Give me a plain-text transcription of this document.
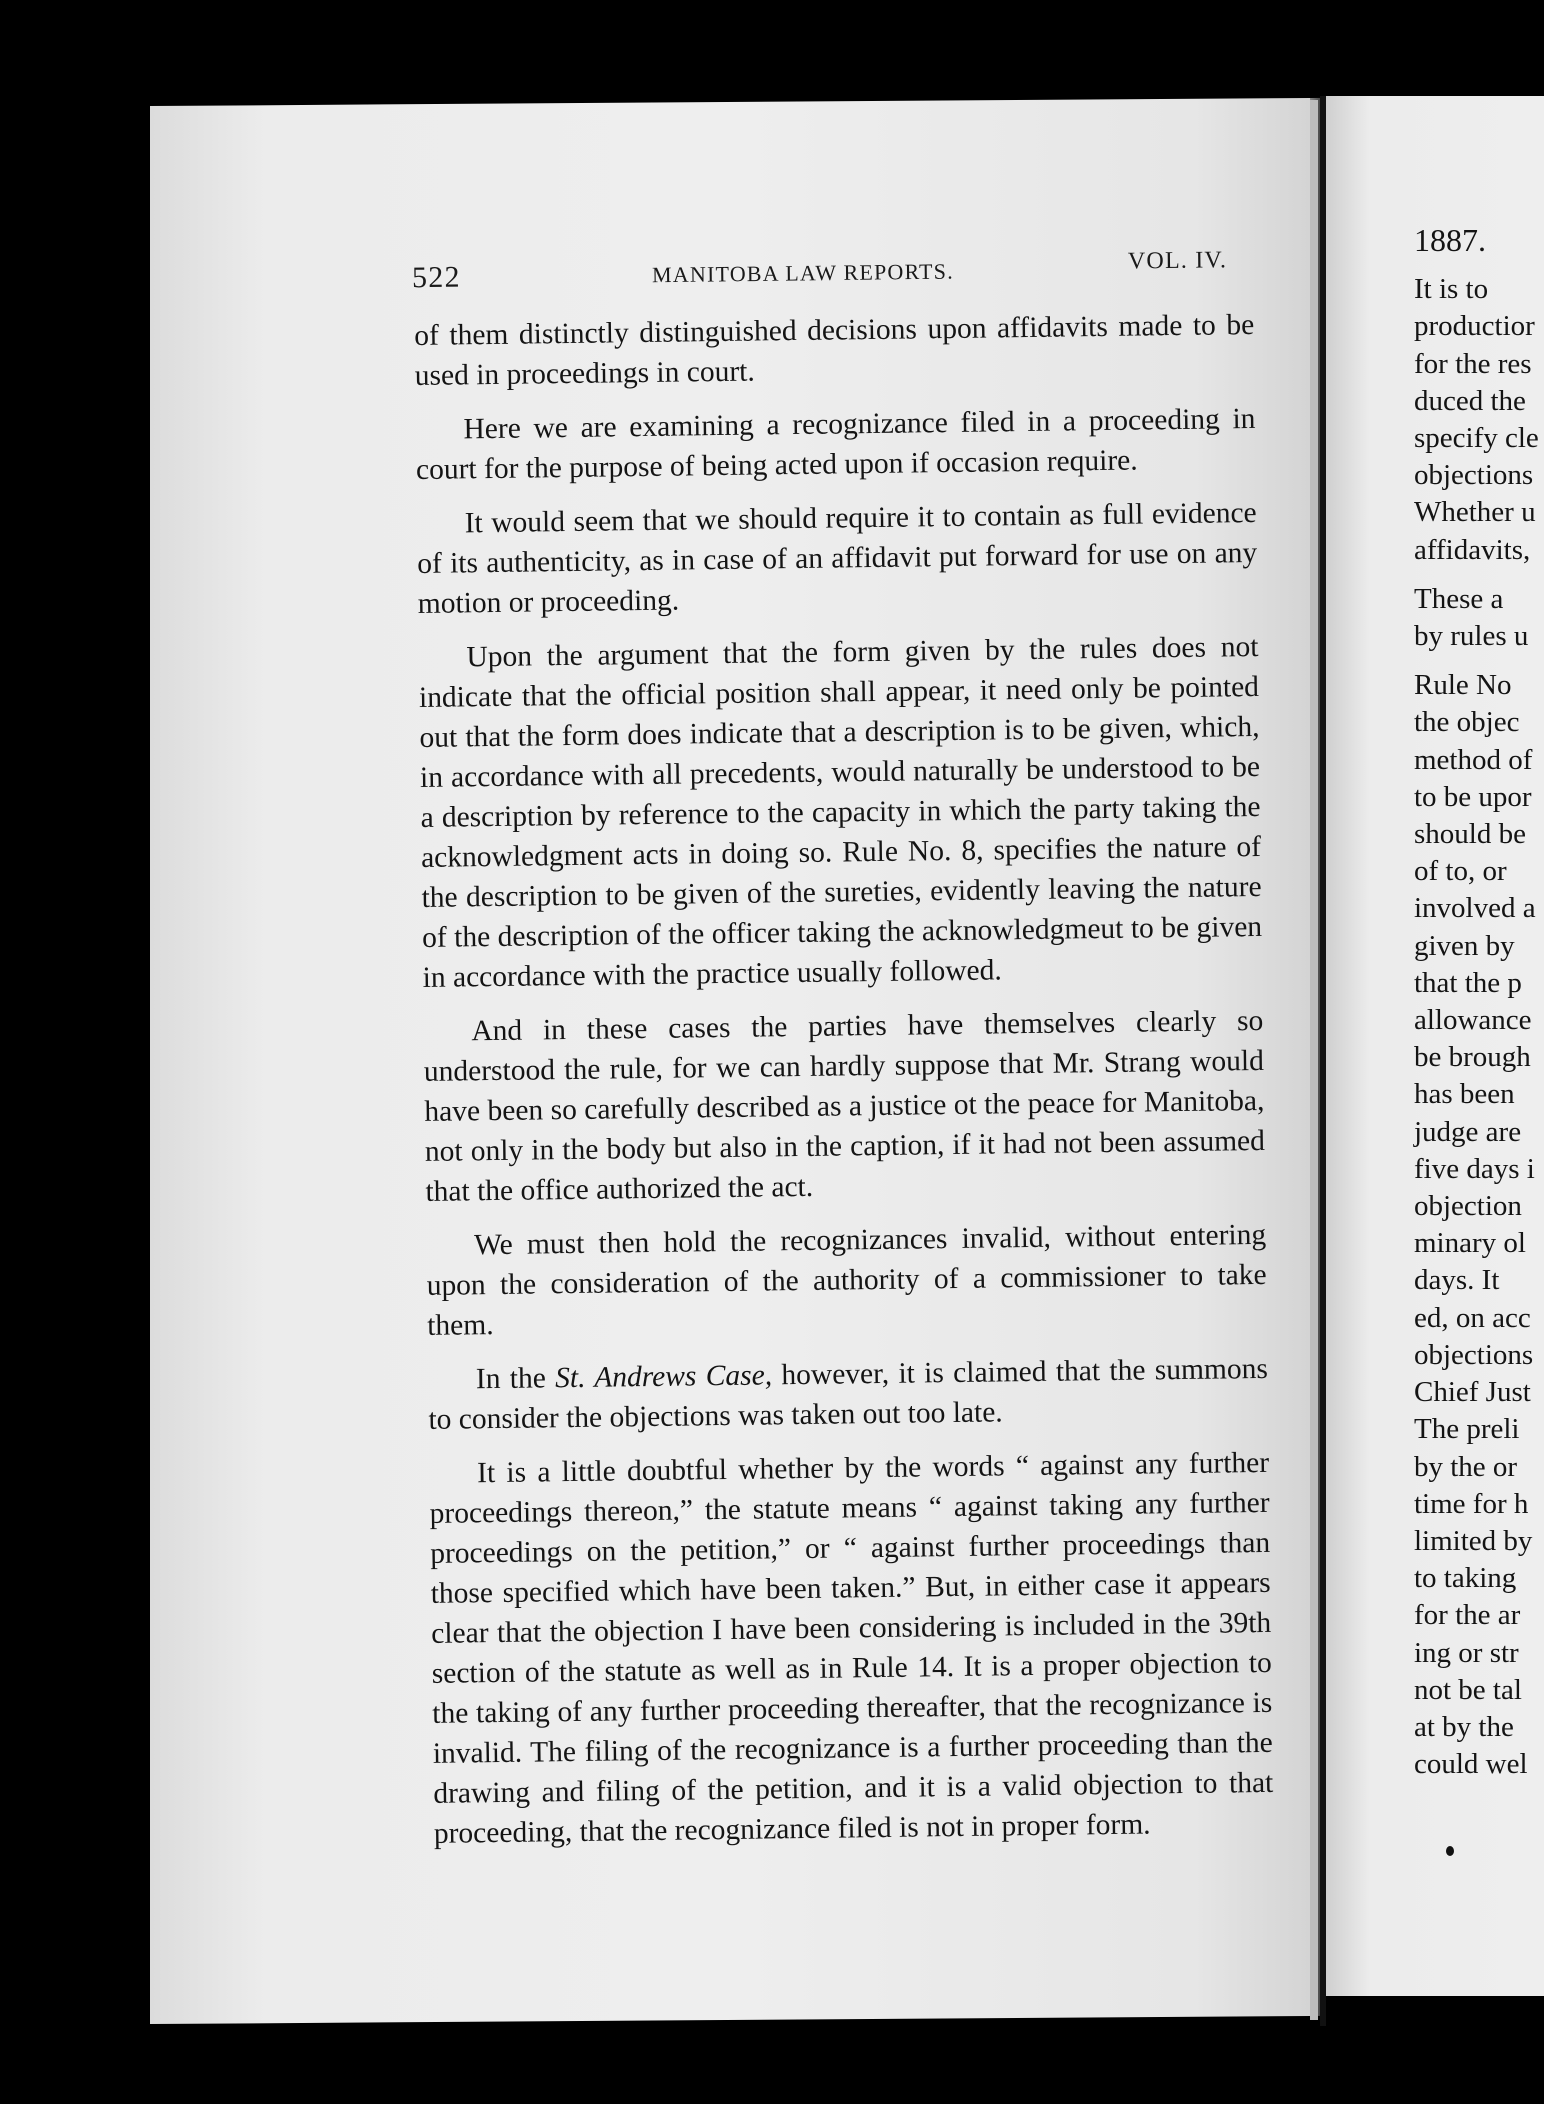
522	MANITOBA LAW REPORTS.	VOL. IV.

of them distinctly distinguished decisions upon affidavits made to be used in proceedings in court.

Here we are examining a recognizance filed in a proceeding in court for the purpose of being acted upon if occasion require.

It would seem that we should require it to contain as full evidence of its authenticity, as in case of an affidavit put forward for use on any motion or proceeding.

Upon the argument that the form given by the rules does not indicate that the official position shall appear, it need only be pointed out that the form does indicate that a description is to be given, which, in accordance with all precedents, would naturally be understood to be a description by reference to the capacity in which the party taking the acknowledgment acts in doing so. Rule No. 8, specifies the nature of the description to be given of the sureties, evidently leaving the nature of the description of the officer taking the acknowledgmeut to be given in accordance with the practice usually followed.

And in these cases the parties have themselves clearly so understood the rule, for we can hardly suppose that Mr. Strang would have been so carefully described as a justice ot the peace for Manitoba, not only in the body but also in the caption, if it had not been assumed that the office authorized the act.

We must then hold the recognizances invalid, without entering upon the consideration of the authority of a commissioner to take them.

In the St. Andrews Case, however, it is claimed that the summons to consider the objections was taken out too late.

It is a little doubtful whether by the words “ against any further proceedings thereon,” the statute means “ against taking any further proceedings on the petition,” or “ against further proceedings than those specified which have been taken.” But, in either case it appears clear that the objection I have been considering is included in the 39th section of the statute as well as in Rule 14. It is a proper objection to the taking of any further proceeding thereafter, that the recognizance is invalid. The filing of the recognizance is a further proceeding than the drawing and filing of the petition, and it is a valid objection to that proceeding, that the recognizance filed is not in proper form.

1887.
It is to
productior
for the res
duced the
specify cle
objections
Whether u
affidavits,
These a
by rules u
Rule No
the objec
method of
to be upor
should be
of to, or
involved a
given by
that the p
allowance
be brough
has been
judge are
five days i
objection
minary ol
days. It
ed, on acc
objections
Chief Just
The preli
by the or
time for h
limited by
to taking
for the ar
ing or str
not be tal
at by the
could wel
